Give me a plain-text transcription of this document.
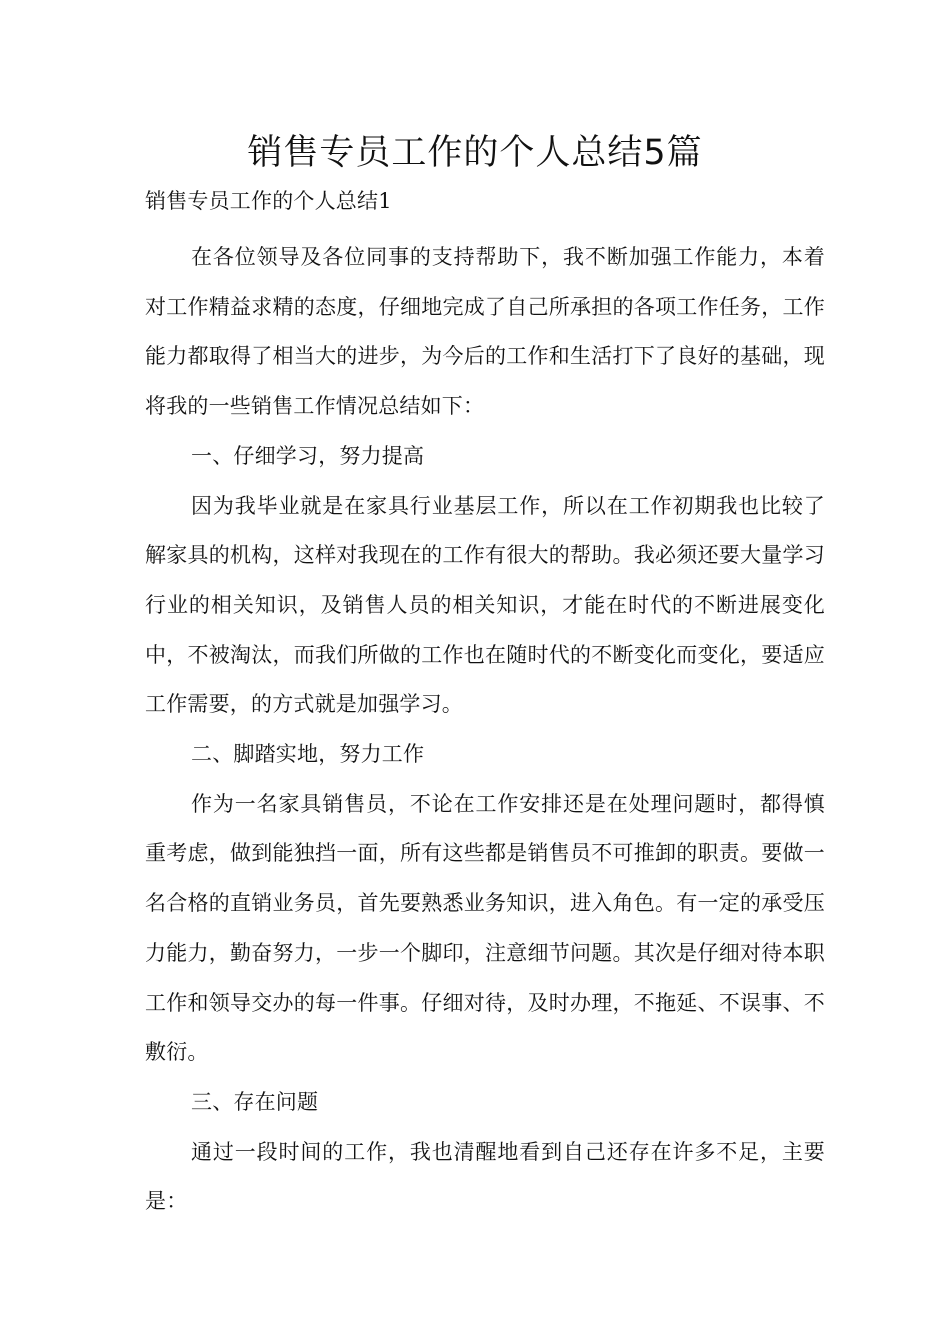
销售专员工作的个人总结5篇

销售专员工作的个人总结1

在各位领导及各位同事的支持帮助下，我不断加强工作能力，本着对工作精益求精的态度，仔细地完成了自己所承担的各项工作任务，工作能力都取得了相当大的进步，为今后的工作和生活打下了良好的基础，现将我的一些销售工作情况总结如下：

一、仔细学习，努力提高

因为我毕业就是在家具行业基层工作，所以在工作初期我也比较了解家具的机构，这样对我现在的工作有很大的帮助。我必须还要大量学习行业的相关知识，及销售人员的相关知识，才能在时代的不断进展变化中，不被淘汰，而我们所做的工作也在随时代的不断变化而变化，要适应工作需要，的方式就是加强学习。

二、脚踏实地，努力工作

作为一名家具销售员，不论在工作安排还是在处理问题时，都得慎重考虑，做到能独挡一面，所有这些都是销售员不可推卸的职责。要做一名合格的直销业务员，首先要熟悉业务知识，进入角色。有一定的承受压力能力，勤奋努力，一步一个脚印，注意细节问题。其次是仔细对待本职工作和领导交办的每一件事。仔细对待，及时办理，不拖延、不误事、不敷衍。

三、存在问题

通过一段时间的工作，我也清醒地看到自己还存在许多不足，主要是：
